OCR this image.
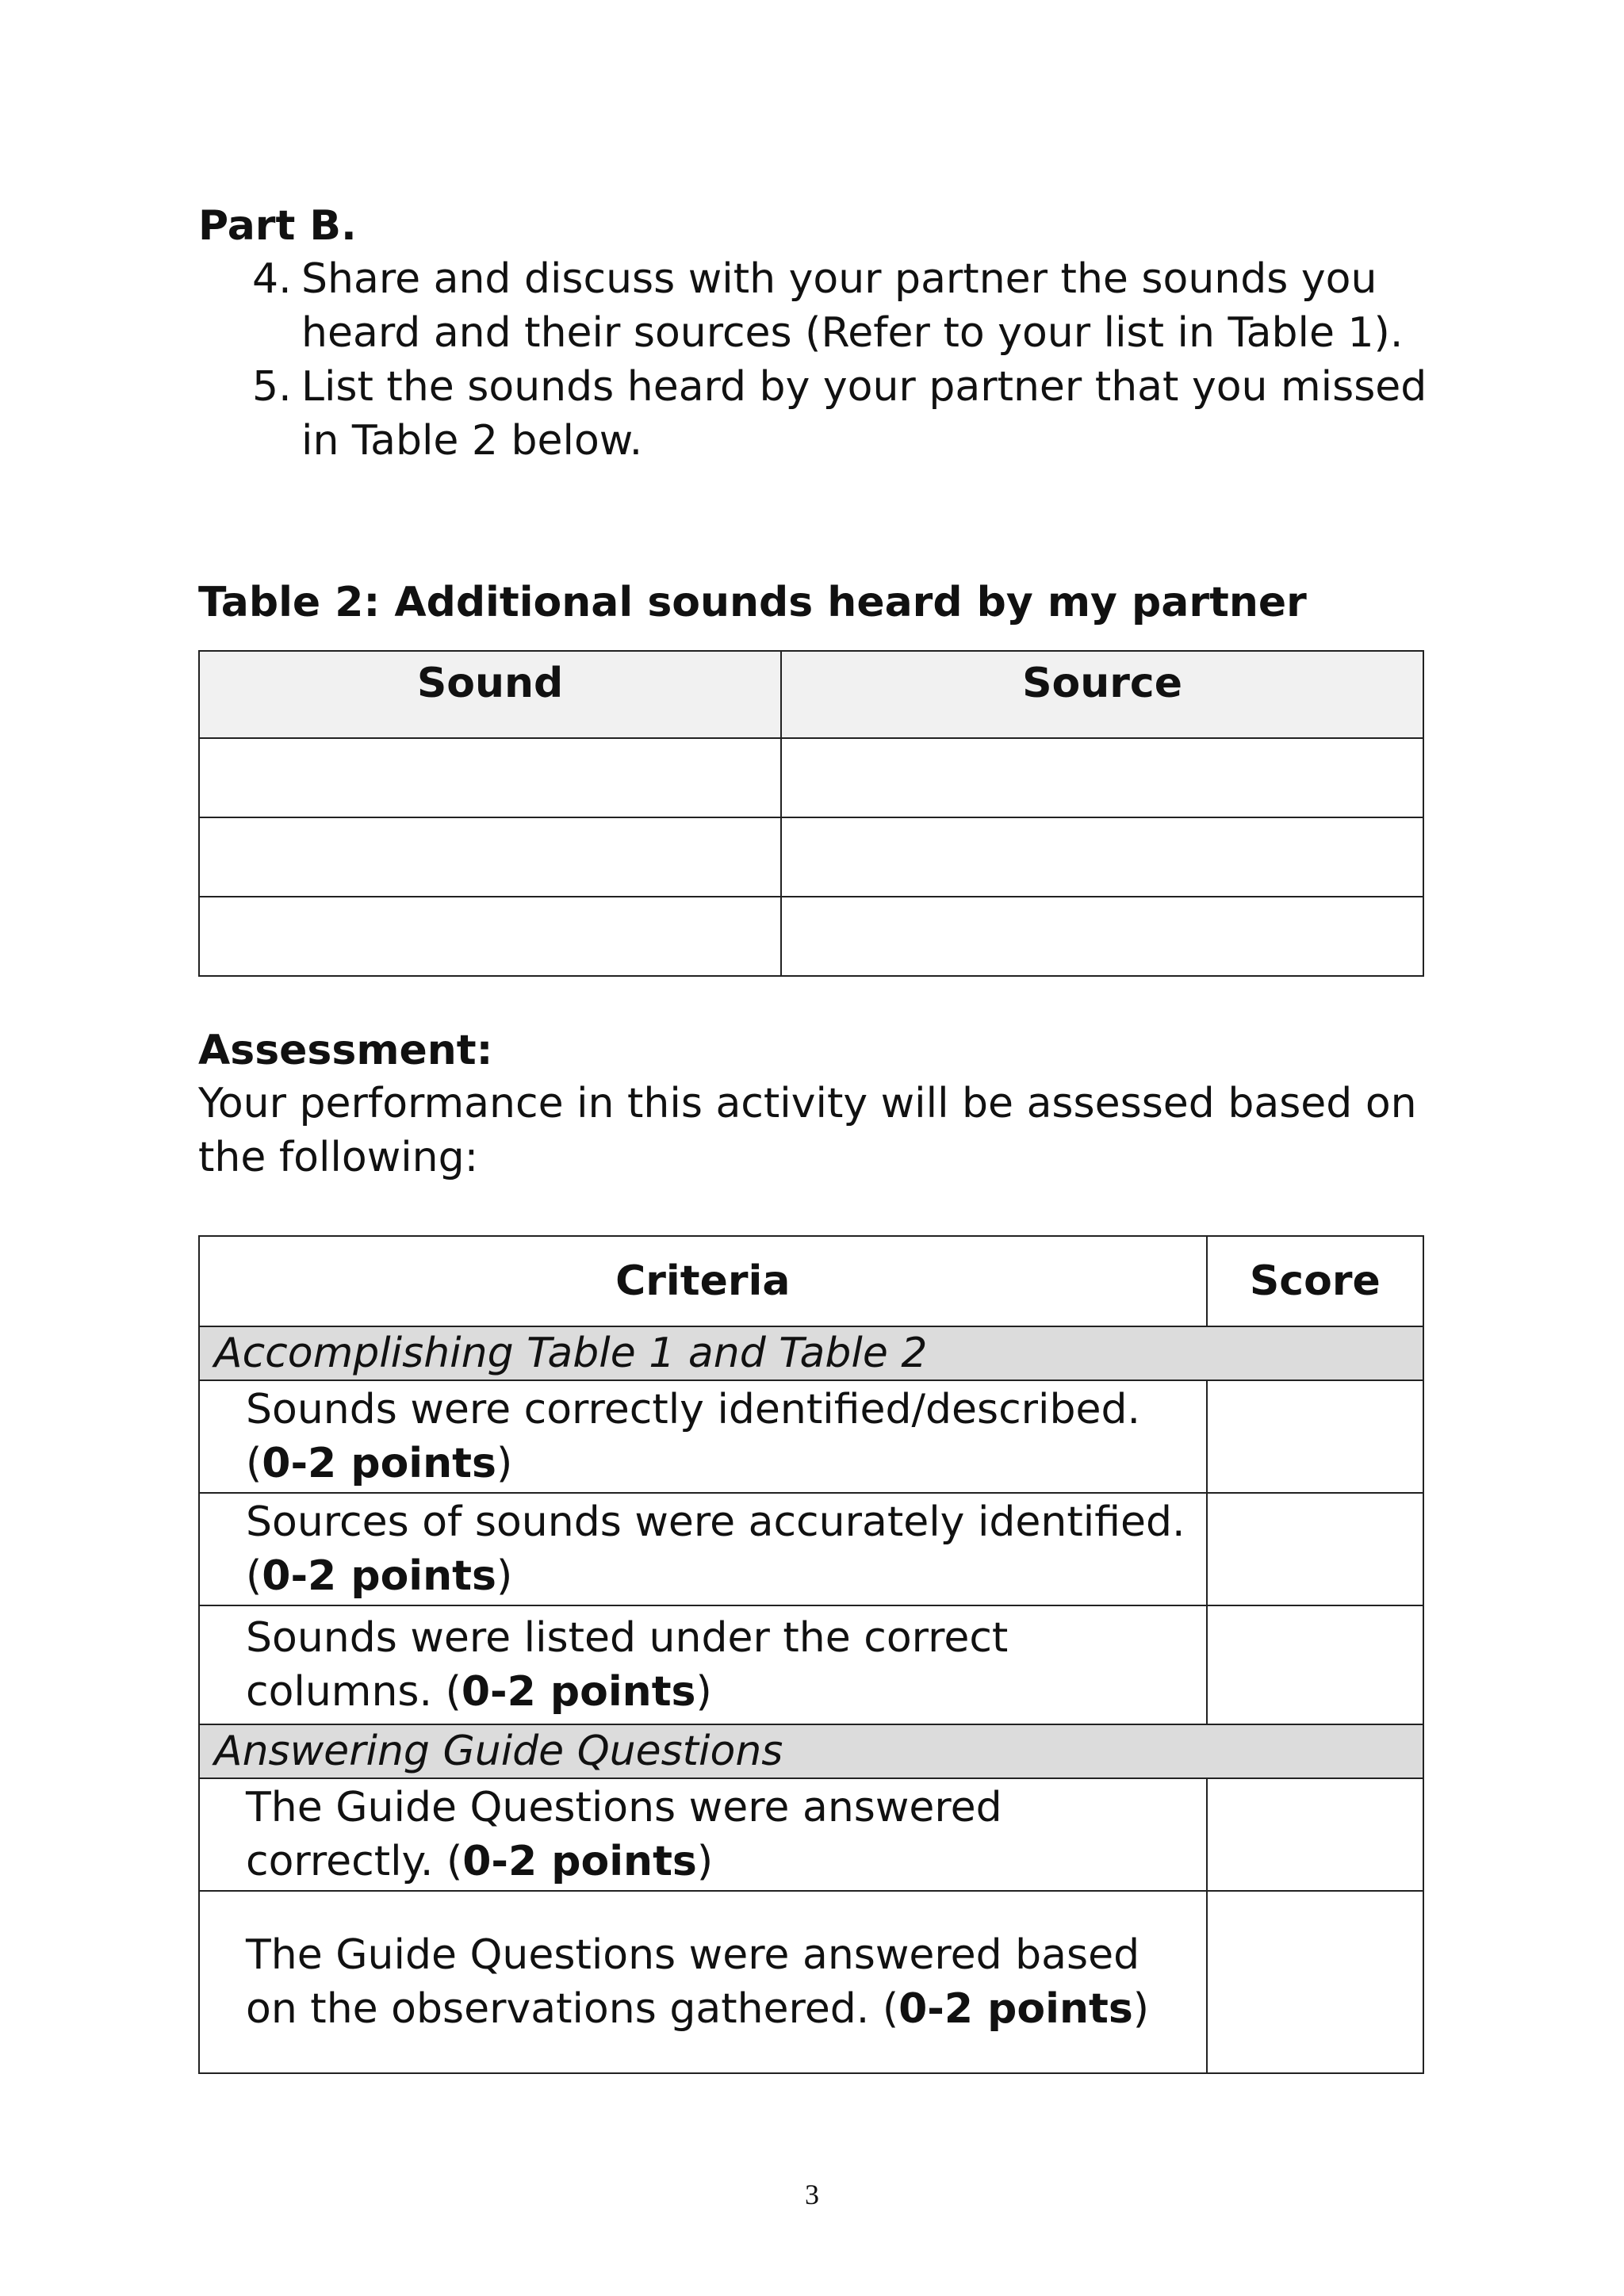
Part B.
4. Share and discuss with your partner the sounds you heard and their sources (Refer to your list in Table 1).
5. List the sounds heard by your partner that you missed in Table 2 below.
Table 2: Additional sounds heard by my partner
Sound	Source

Assessment:
Your performance in this activity will be assessed based on the following:
Criteria	Score
Accomplishing Table 1 and Table 2	
Sounds were correctly identified/described. (0-2 points)	
Sources of sounds were accurately identified. (0-2 points)	
Sounds were listed under the correct columns. (0-2 points)	
Answering Guide Questions	
The Guide Questions were answered correctly. (0-2 points)	
The Guide Questions were answered based on the observations gathered. (0-2 points)	
3
